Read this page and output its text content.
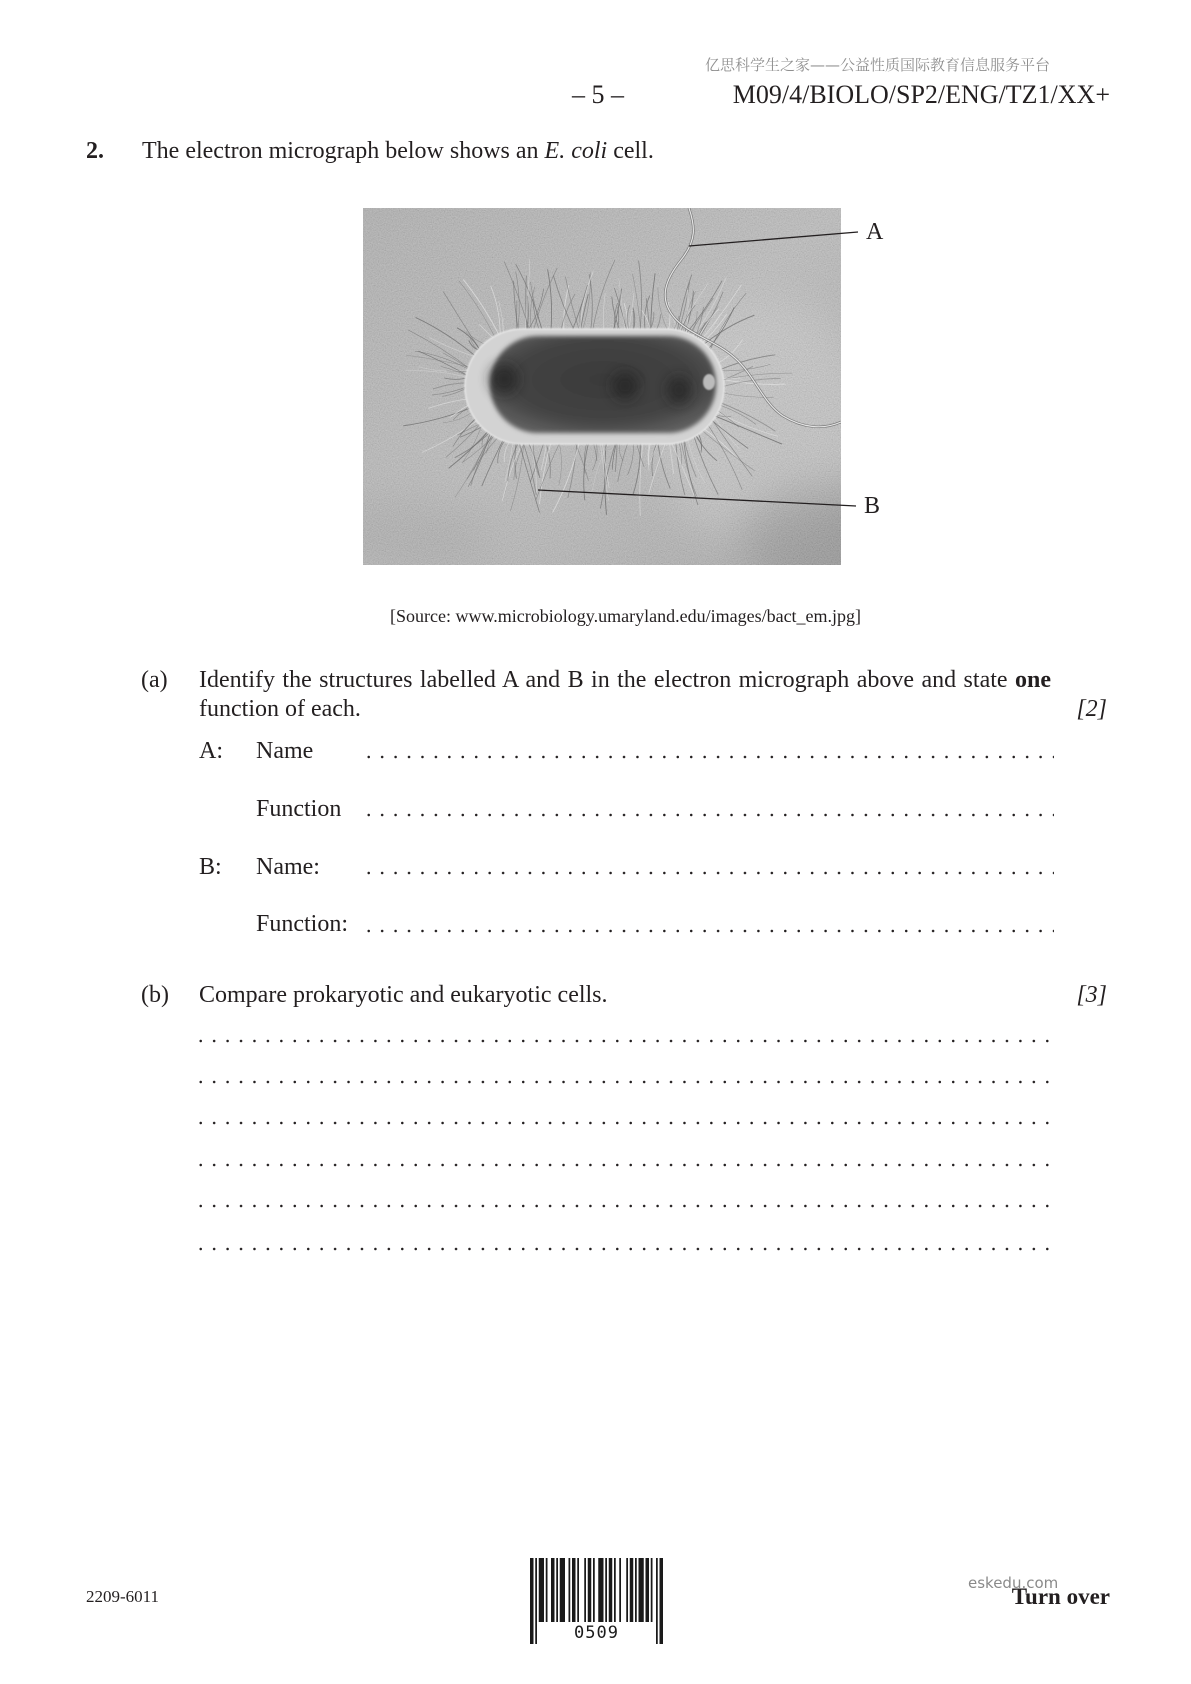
亿思科学生之家——公益性质国际教育信息服务平台
– 5 –	M09/4/BIOLO/SP2/ENG/TZ1/XX+
2. The electron micrograph below shows an E. coli cell.
A
B
[Source: www.microbiology.umaryland.edu/images/bact_em.jpg]
(a) Identify the structures labelled A and B in the electron micrograph above and state one
function of each.	[2]
A: Name
Function
B: Name:
Function:
(b) Compare prokaryotic and eukaryotic cells.	[3]
2209-6011
0509
eskedu.com
Turn over
